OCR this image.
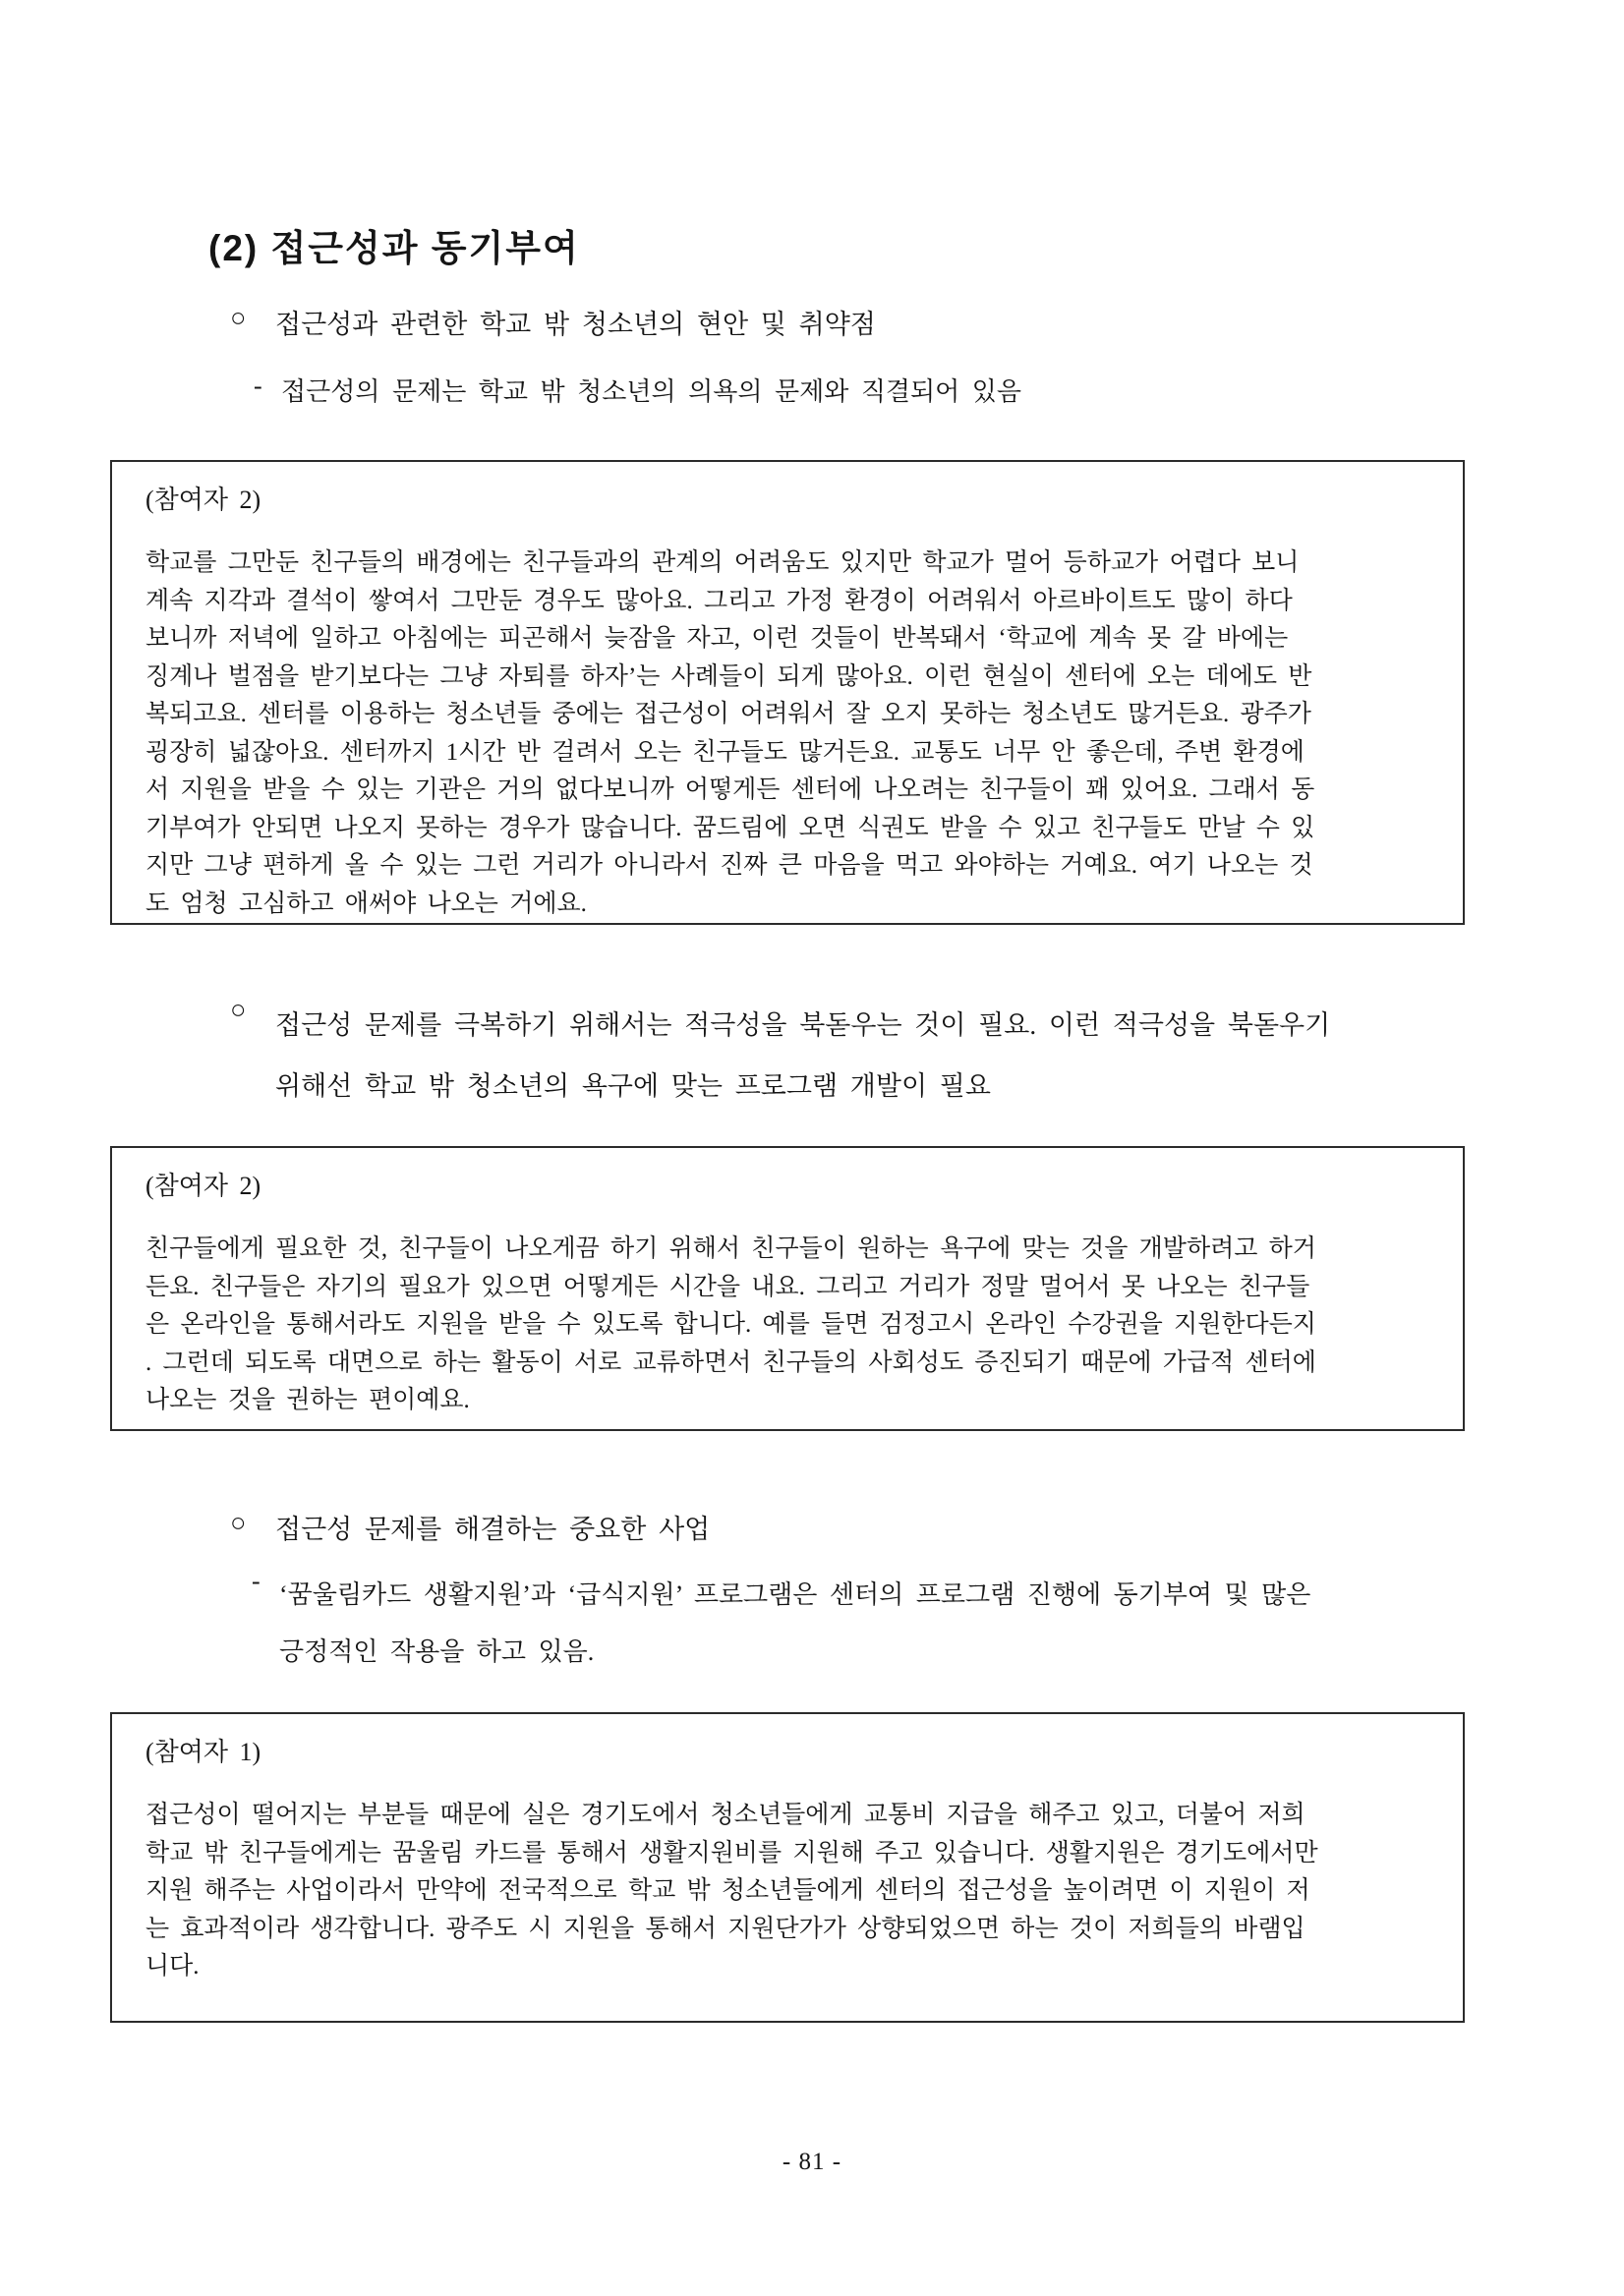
(2) 접근성과 동기부여
○	접근성과 관련한 학교 밖 청소년의 현안 및 취약점
- 접근성의 문제는 학교 밖 청소년의 의욕의 문제와 직결되어 있음
(참여자 2)
학교를 그만둔 친구들의 배경에는 친구들과의 관계의 어려움도 있지만 학교가 멀어 등하교가 어렵다 보니
계속 지각과 결석이 쌓여서 그만둔 경우도 많아요. 그리고 가정 환경이 어려워서 아르바이트도 많이 하다
보니까 저녁에 일하고 아침에는 피곤해서 늦잠을 자고, 이런 것들이 반복돼서 ‘학교에 계속 못 갈 바에는
징계나 벌점을 받기보다는 그냥 자퇴를 하자’는 사례들이 되게 많아요. 이런 현실이 센터에 오는 데에도 반
복되고요. 센터를 이용하는 청소년들 중에는 접근성이 어려워서 잘 오지 못하는 청소년도 많거든요. 광주가
굉장히 넓잖아요. 센터까지 1시간 반 걸려서 오는 친구들도 많거든요. 교통도 너무 안 좋은데, 주변 환경에
서 지원을 받을 수 있는 기관은 거의 없다보니까 어떻게든 센터에 나오려는 친구들이 꽤 있어요. 그래서 동
기부여가 안되면 나오지 못하는 경우가 많습니다. 꿈드림에 오면 식권도 받을 수 있고 친구들도 만날 수 있
지만 그냥 편하게 올 수 있는 그런 거리가 아니라서 진짜 큰 마음을 먹고 와야하는 거예요. 여기 나오는 것
도 엄청 고심하고 애써야 나오는 거에요.
○
접근성 문제를 극복하기 위해서는 적극성을 북돋우는 것이 필요. 이런 적극성을 북돋우기
위해선 학교 밖 청소년의 욕구에 맞는 프로그램 개발이 필요
(참여자 2)
친구들에게 필요한 것, 친구들이 나오게끔 하기 위해서 친구들이 원하는 욕구에 맞는 것을 개발하려고 하거
든요. 친구들은 자기의 필요가 있으면 어떻게든 시간을 내요. 그리고 거리가 정말 멀어서 못 나오는 친구들
은 온라인을 통해서라도 지원을 받을 수 있도록 합니다. 예를 들면 검정고시 온라인 수강권을 지원한다든지
. 그런데 되도록 대면으로 하는 활동이 서로 교류하면서 친구들의 사회성도 증진되기 때문에 가급적 센터에
나오는 것을 권하는 편이예요.
○	접근성 문제를 해결하는 중요한 사업
- ‘꿈울림카드 생활지원’과 ‘급식지원’ 프로그램은 센터의 프로그램 진행에 동기부여 및 많은
긍정적인 작용을 하고 있음.
(참여자 1)
접근성이 떨어지는 부분들 때문에 실은 경기도에서 청소년들에게 교통비 지급을 해주고 있고, 더불어 저희
학교 밖 친구들에게는 꿈울림 카드를 통해서 생활지원비를 지원해 주고 있습니다. 생활지원은 경기도에서만
지원 해주는 사업이라서 만약에 전국적으로 학교 밖 청소년들에게 센터의 접근성을 높이려면 이 지원이 저
는 효과적이라 생각합니다. 광주도 시 지원을 통해서 지원단가가 상향되었으면 하는 것이 저희들의 바램입
니다.
- 81 -
